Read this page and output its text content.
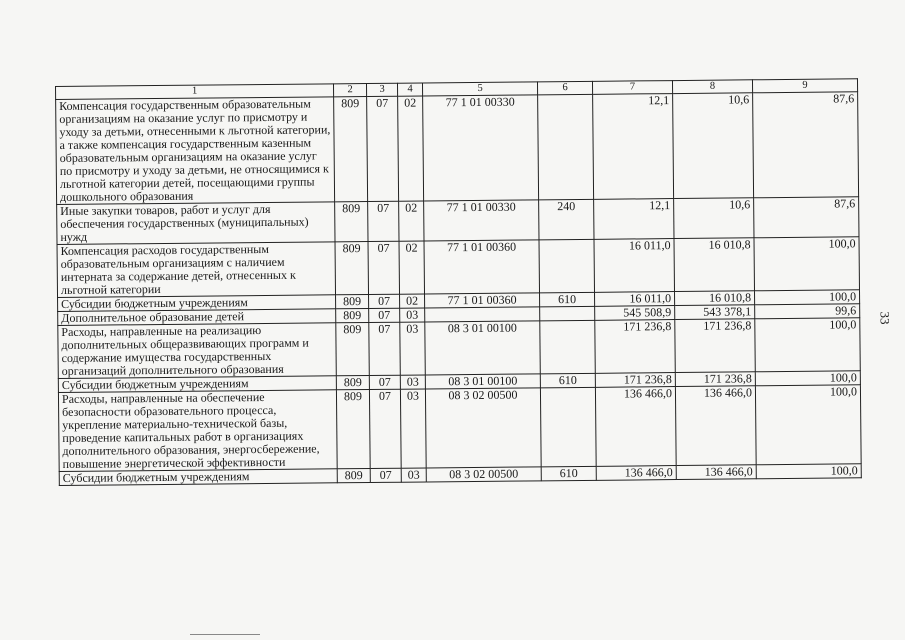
1	2	3	4	5	6	7	8	9
Компенсация государственным образовательным организациям на оказание услуг по присмотру и уходу за детьми, отнесенными к льготной категории, а также компенсация государственным казенным образовательным организациям на оказание услуг по присмотру и уходу за детьми, не относящимися к льготной категории детей, посещающими группы дошкольного образования	809	07	02	77 1 01 00330		12,1	10,6	87,6
Иные закупки товаров, работ и услуг для обеспечения государственных (муниципальных) нужд	809	07	02	77 1 01 00330	240	12,1	10,6	87,6
Компенсация расходов государственным образовательным организациям с наличием интерната за содержание детей, отнесенных к льготной категории	809	07	02	77 1 01 00360		16 011,0	16 010,8	100,0
Субсидии бюджетным учреждениям	809	07	02	77 1 01 00360	610	16 011,0	16 010,8	100,0
Дополнительное образование детей	809	07	03			545 508,9	543 378,1	99,6
Расходы, направленные на реализацию дополнительных общеразвивающих программ и содержание имущества государственных организаций дополнительного образования	809	07	03	08 3 01 00100		171 236,8	171 236,8	100,0
Субсидии бюджетным учреждениям	809	07	03	08 3 01 00100	610	171 236,8	171 236,8	100,0
Расходы, направленные на обеспечение безопасности образовательного процесса, укрепление материально-технической базы, проведение капитальных работ в организациях дополнительного образования, энергосбережение, повышение энергетической эффективности	809	07	03	08 3 02 00500		136 466,0	136 466,0	100,0
Субсидии бюджетным учреждениям	809	07	03	08 3 02 00500	610	136 466,0	136 466,0	100,0
33
